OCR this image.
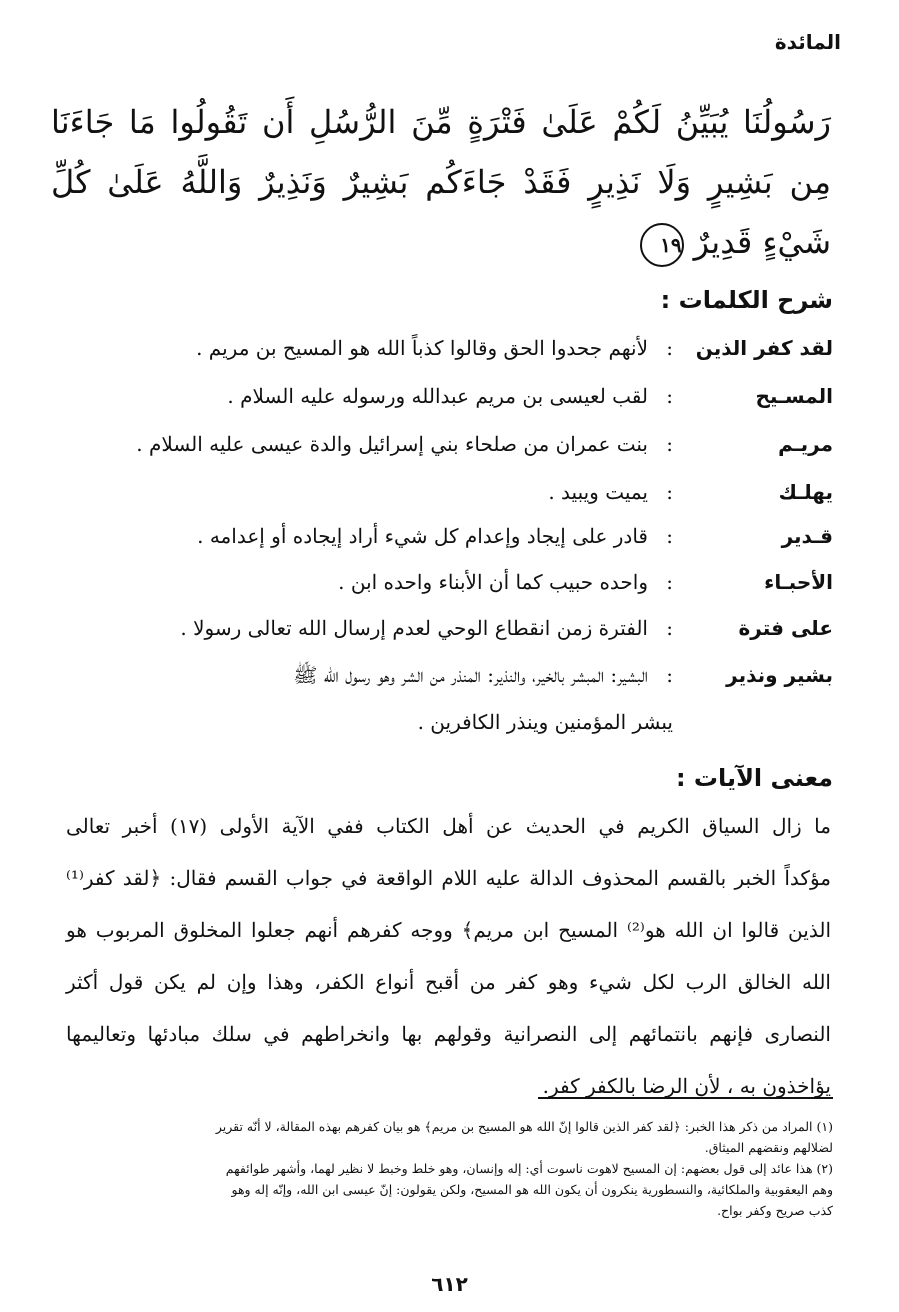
المائدة
رَسُولُنَا يُبَيِّنُ لَكُمْ عَلَىٰ فَتْرَةٍ مِّنَ الرُّسُلِ أَن تَقُولُوا مَا جَاءَنَا
مِن بَشِيرٍ وَلَا نَذِيرٍ فَقَدْ جَاءَكُم بَشِيرٌ وَنَذِيرٌ وَاللَّهُ عَلَىٰ كُلِّ
شَيْءٍ قَدِيرٌ١٩
شرح الكلمات :
لقد كفر الذين
:
لأنهم جحدوا الحق وقالوا كذباً الله هو المسيح بن مريم .
المسـيح
:
لقب لعيسى بن مريم عبدالله ورسوله عليه السلام .
مريـم
:
بنت عمران من صلحاء بني إسرائيل والدة عيسى عليه السلام .
يهلـك
:
يميت ويبيد .
قـدير
:
قادر على إيجاد وإعدام كل شيء أراد إيجاده أو إعدامه .
الأحبـاء
:
واحده حبيب كما أن الأبناء واحده ابن .
على فترة
:
الفترة زمن انقطاع الوحي لعدم إرسال الله تعالى رسولا .
بشير ونذير
:
البشير: المبشر بالخير، والنذير: المنذر من الشر وهو رسول الله ﷺ
يبشر المؤمنين وينذر الكافرين .
معنى الآيات :
ما زال السياق الكريم في الحديث عن أهل الكتاب ففي الآية الأولى (١٧) أخبر تعالى
مؤكداً الخبر بالقسم المحذوف الدالة عليه اللام الواقعة في جواب القسم فقال: ﴿لقد كفر⁽¹⁾
الذين قالوا ان الله هو⁽²⁾ المسيح ابن مريم﴾ ووجه كفرهم أنهم جعلوا المخلوق المربوب هو
الله الخالق الرب لكل شيء وهو كفر من أقبح أنواع الكفر، وهذا وإن لم يكن قول أكثر
النصارى فإنهم بانتمائهم إلى النصرانية وقولهم بها وانخراطهم في سلك مبادئها وتعاليمها
يؤاخذون به ، لأن الرضا بالكفر كفر.
(١) المراد من ذكر هذا الخبر: ﴿لقد كفر الذين قالوا إنّ الله هو المسيح بن مريم﴾ هو بيان كفرهم بهذه المقالة، لا أنّه تقرير
لضلالهم ونقضهم الميثاق.
(٢) هذا عائد إلى قول بعضهم: إن المسيح لاهوت ناسوت أي: إله وإنسان، وهو خلط وخبط لا نظير لهما، وأشهر طوائفهم
وهم اليعقوبية والملكائية، والنسطورية ينكرون أن يكون الله هو المسيح، ولكن يقولون: إنّ عيسى ابن الله، وإنّه إله وهو
كذب صريح وكفر بواح.
٦١٢
